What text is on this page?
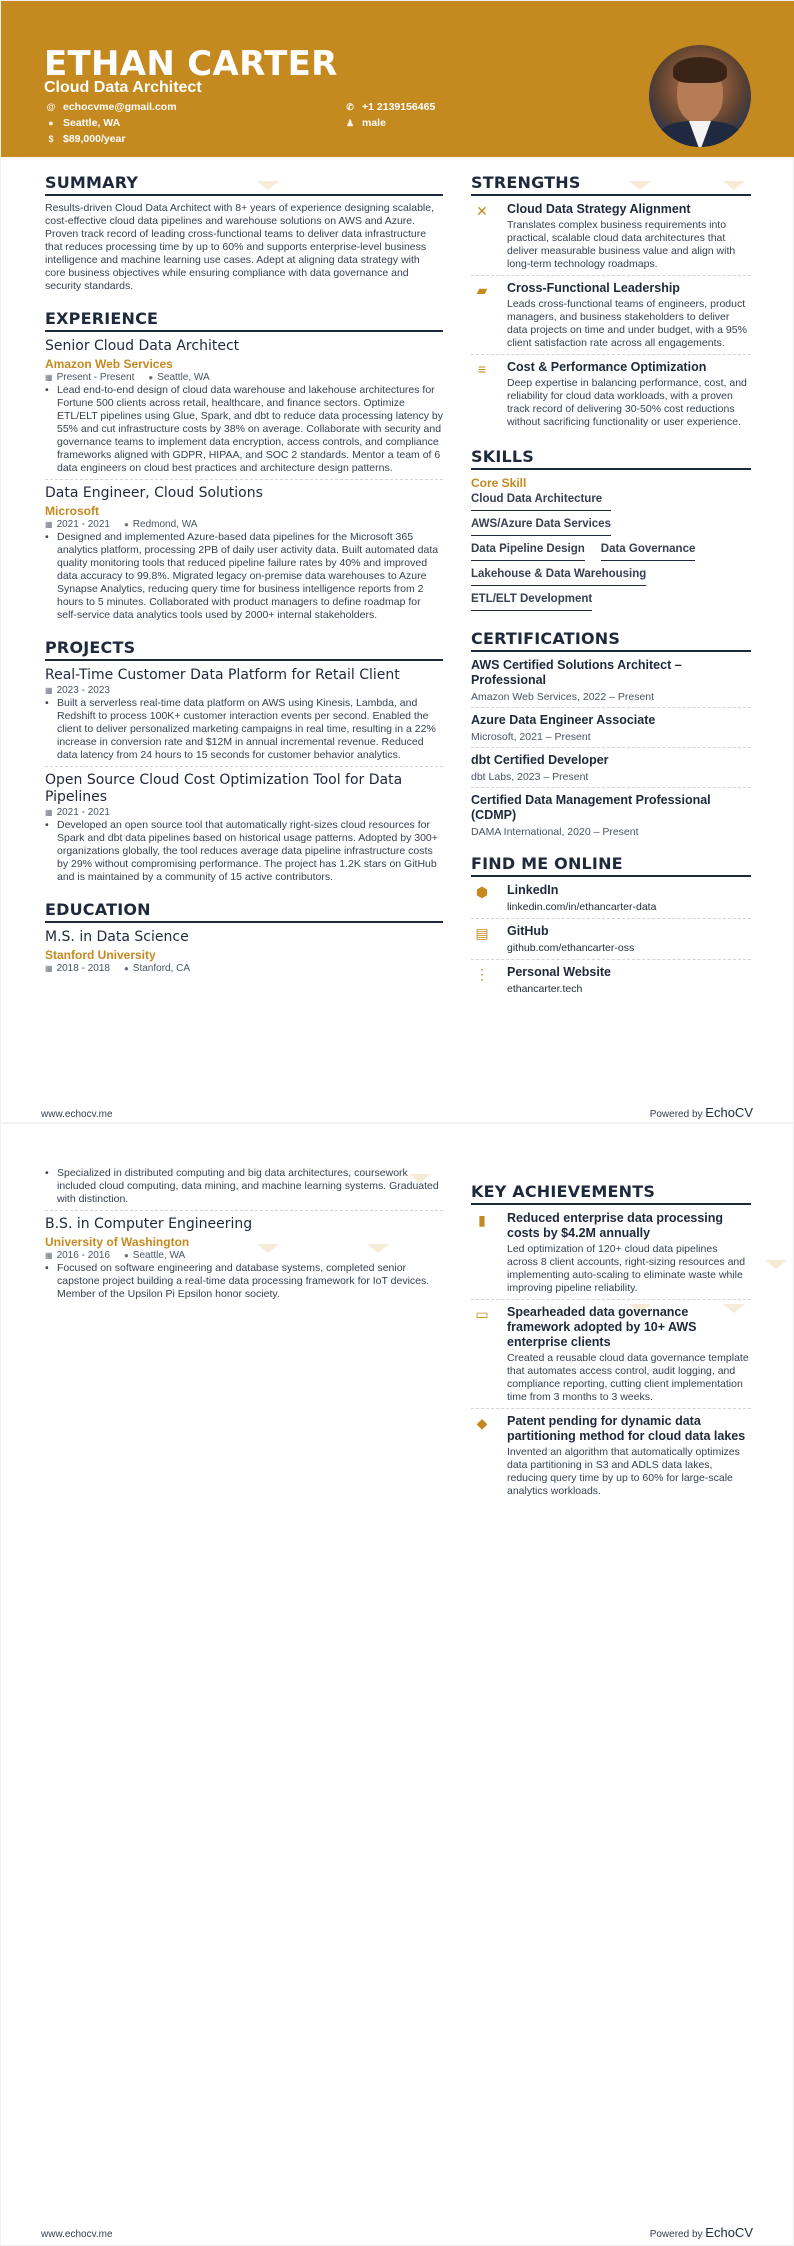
ETHAN CARTER
Cloud Data Architect
@ echocvme@gmail.com
● Seattle, WA
$ $89,000/year
✆ +1 2139156465
♟ male
SUMMARY
Results-driven Cloud Data Architect with 8+ years of experience designing scalable, cost-effective cloud data pipelines and warehouse solutions on AWS and Azure. Proven track record of leading cross-functional teams to deliver data infrastructure that reduces processing time by up to 60% and supports enterprise-level business intelligence and machine learning use cases. Adept at aligning data strategy with core business objectives while ensuring compliance with data governance and security standards.
EXPERIENCE
Senior Cloud Data Architect
Amazon Web Services
▦ Present - Present ● Seattle, WA
• Lead end-to-end design of cloud data warehouse and lakehouse architectures for Fortune 500 clients across retail, healthcare, and finance sectors. Optimize ETL/ELT pipelines using Glue, Spark, and dbt to reduce data processing latency by 55% and cut infrastructure costs by 38% on average. Collaborate with security and governance teams to implement data encryption, access controls, and compliance frameworks aligned with GDPR, HIPAA, and SOC 2 standards. Mentor a team of 6 data engineers on cloud best practices and architecture design patterns.
Data Engineer, Cloud Solutions
Microsoft
▦ 2021 - 2021 ● Redmond, WA
• Designed and implemented Azure-based data pipelines for the Microsoft 365 analytics platform, processing 2PB of daily user activity data. Built automated data quality monitoring tools that reduced pipeline failure rates by 40% and improved data accuracy to 99.8%. Migrated legacy on-premise data warehouses to Azure Synapse Analytics, reducing query time for business intelligence reports from 2 hours to 5 minutes. Collaborated with product managers to define roadmap for self-service data analytics tools used by 2000+ internal stakeholders.
PROJECTS
Real-Time Customer Data Platform for Retail Client
▦ 2023 - 2023
• Built a serverless real-time data platform on AWS using Kinesis, Lambda, and Redshift to process 100K+ customer interaction events per second. Enabled the client to deliver personalized marketing campaigns in real time, resulting in a 22% increase in conversion rate and $12M in annual incremental revenue. Reduced data latency from 24 hours to 15 seconds for customer behavior analytics.
Open Source Cloud Cost Optimization Tool for Data Pipelines
▦ 2021 - 2021
• Developed an open source tool that automatically right-sizes cloud resources for Spark and dbt data pipelines based on historical usage patterns. Adopted by 300+ organizations globally, the tool reduces average data pipeline infrastructure costs by 29% without compromising performance. The project has 1.2K stars on GitHub and is maintained by a community of 15 active contributors.
EDUCATION
M.S. in Data Science
Stanford University
▦ 2018 - 2018 ● Stanford, CA
STRENGTHS
✕	Cloud Data Strategy Alignment
Translates complex business requirements into practical, scalable cloud data architectures that deliver measurable business value and align with long-term technology roadmaps.
▰	Cross-Functional Leadership
Leads cross-functional teams of engineers, product managers, and business stakeholders to deliver data projects on time and under budget, with a 95% client satisfaction rate across all engagements.
≡	Cost & Performance Optimization
Deep expertise in balancing performance, cost, and reliability for cloud data workloads, with a proven track record of delivering 30-50% cost reductions without sacrificing functionality or user experience.
SKILLS
Core Skill
Cloud Data Architecture
AWS/Azure Data Services
Data Pipeline Design Data Governance
Lakehouse & Data Warehousing
ETL/ELT Development
CERTIFICATIONS
AWS Certified Solutions Architect – Professional
Amazon Web Services, 2022 – Present
Azure Data Engineer Associate
Microsoft, 2021 – Present
dbt Certified Developer
dbt Labs, 2023 – Present
Certified Data Management Professional (CDMP)
DAMA International, 2020 – Present
FIND ME ONLINE
⬢	LinkedIn
linkedin.com/in/ethancarter-data
▤	GitHub
github.com/ethancarter-oss
⋮	Personal Website
ethancarter.tech
www.echocv.me	Powered by EchoCV
• Specialized in distributed computing and big data architectures, coursework included cloud computing, data mining, and machine learning systems. Graduated with distinction.
B.S. in Computer Engineering
University of Washington
▦ 2016 - 2016 ● Seattle, WA
• Focused on software engineering and database systems, completed senior capstone project building a real-time data processing framework for IoT devices. Member of the Upsilon Pi Epsilon honor society.
KEY ACHIEVEMENTS
▮	Reduced enterprise data processing costs by $4.2M annually
Led optimization of 120+ cloud data pipelines across 8 client accounts, right-sizing resources and implementing auto-scaling to eliminate waste while improving pipeline reliability.
▭	Spearheaded data governance framework adopted by 10+ AWS enterprise clients
Created a reusable cloud data governance template that automates access control, audit logging, and compliance reporting, cutting client implementation time from 3 months to 3 weeks.
◆	Patent pending for dynamic data partitioning method for cloud data lakes
Invented an algorithm that automatically optimizes data partitioning in S3 and ADLS data lakes, reducing query time by up to 60% for large-scale analytics workloads.
www.echocv.me	Powered by EchoCV
